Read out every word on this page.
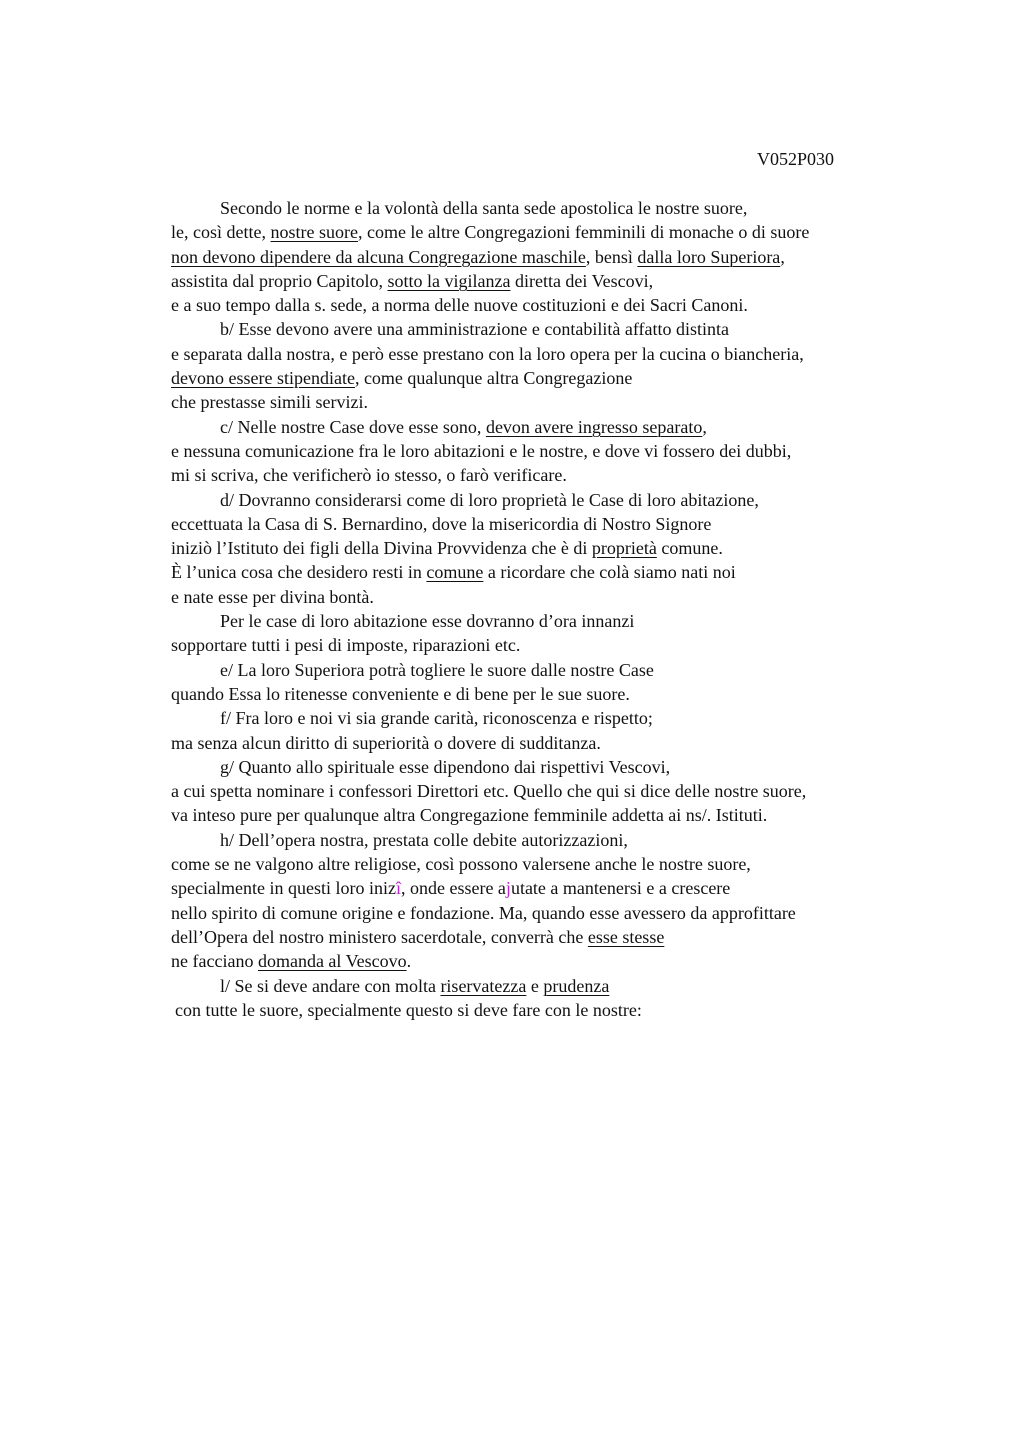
V052P030
Secondo le norme e la volontà della santa sede apostolica le nostre suore,
le, così dette, nostre suore, come le altre Congregazioni femminili di monache o di suore
non devono dipendere da alcuna Congregazione maschile, bensì dalla loro Superiora,
assistita dal proprio Capitolo, sotto la vigilanza diretta dei Vescovi,
e a suo tempo dalla s. sede, a norma delle nuove costituzioni e dei Sacri Canoni.
b/ Esse devono avere una amministrazione e contabilità affatto distinta
e separata dalla nostra, e però esse prestano con la loro opera per la cucina o biancheria,
devono essere stipendiate, come qualunque altra Congregazione
che prestasse simili servizi.
c/ Nelle nostre Case dove esse sono, devon avere ingresso separato,
e nessuna comunicazione fra le loro abitazioni e le nostre, e dove vi fossero dei dubbi,
mi si scriva, che verificherò io stesso, o farò verificare.
d/ Dovranno considerarsi come di loro proprietà le Case di loro abitazione,
eccettuata la Casa di S. Bernardino, dove la misericordia di Nostro Signore
iniziò l’Istituto dei figli della Divina Provvidenza che è di proprietà comune.
È l’unica cosa che desidero resti in comune a ricordare che colà siamo nati noi
e nate esse per divina bontà.
Per le case di loro abitazione esse dovranno d’ora innanzi
sopportare tutti i pesi di imposte, riparazioni etc.
e/ La loro Superiora potrà togliere le suore dalle nostre Case
quando Essa lo ritenesse conveniente e di bene per le sue suore.
f/ Fra loro e noi vi sia grande carità, riconoscenza e rispetto;
ma senza alcun diritto di superiorità o dovere di sudditanza.
g/ Quanto allo spirituale esse dipendono dai rispettivi Vescovi,
a cui spetta nominare i confessori Direttori etc. Quello che qui si dice delle nostre suore,
va inteso pure per qualunque altra Congregazione femminile addetta ai ns/. Istituti.
h/ Dell’opera nostra, prestata colle debite autorizzazioni,
come se ne valgono altre religiose, così possono valersene anche le nostre suore,
specialmente in questi loro inizî, onde essere ajutate a mantenersi e a crescere
nello spirito di comune origine e fondazione. Ma, quando esse avessero da approfittare
dell’Opera del nostro ministero sacerdotale, converrà che esse stesse
ne facciano domanda al Vescovo.
l/ Se si deve andare con molta riservatezza e prudenza
con tutte le suore, specialmente questo si deve fare con le nostre:
